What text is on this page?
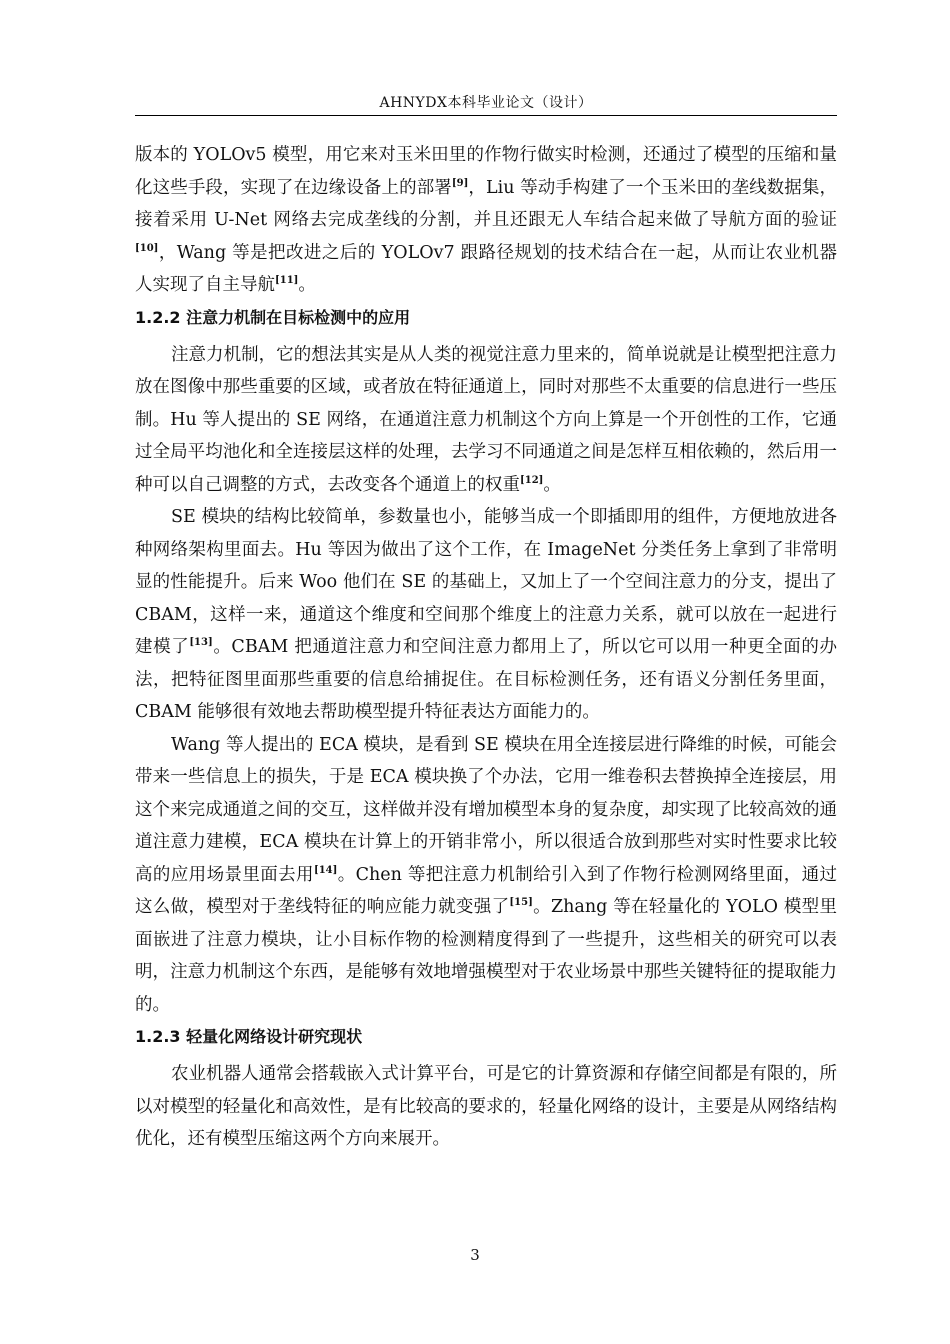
AHNYDX本科毕业论文（设计）

版本的 YOLOv5 模型，用它来对玉米田里的作物行做实时检测，还通过了模型的压缩和量化这些手段，实现了在边缘设备上的部署[9]，Liu 等动手构建了一个玉米田的垄线数据集，接着采用 U-Net 网络去完成垄线的分割，并且还跟无人车结合起来做了导航方面的验证[10]，Wang 等是把改进之后的 YOLOv7 跟路径规划的技术结合在一起，从而让农业机器人实现了自主导航[11]。

1.2.2 注意力机制在目标检测中的应用

注意力机制，它的想法其实是从人类的视觉注意力里来的，简单说就是让模型把注意力放在图像中那些重要的区域，或者放在特征通道上，同时对那些不太重要的信息进行一些压制。Hu 等人提出的 SE 网络，在通道注意力机制这个方向上算是一个开创性的工作，它通过全局平均池化和全连接层这样的处理，去学习不同通道之间是怎样互相依赖的，然后用一种可以自己调整的方式，去改变各个通道上的权重[12]。

SE 模块的结构比较简单，参数量也小，能够当成一个即插即用的组件，方便地放进各种网络架构里面去。Hu 等因为做出了这个工作，在 ImageNet 分类任务上拿到了非常明显的性能提升。后来 Woo 他们在 SE 的基础上，又加上了一个空间注意力的分支，提出了 CBAM，这样一来，通道这个维度和空间那个维度上的注意力关系，就可以放在一起进行建模了[13]。CBAM 把通道注意力和空间注意力都用上了，所以它可以用一种更全面的办法，把特征图里面那些重要的信息给捕捉住。在目标检测任务，还有语义分割任务里面，CBAM 能够很有效地去帮助模型提升特征表达方面能力的。

Wang 等人提出的 ECA 模块，是看到 SE 模块在用全连接层进行降维的时候，可能会带来一些信息上的损失，于是 ECA 模块换了个办法，它用一维卷积去替换掉全连接层，用这个来完成通道之间的交互，这样做并没有增加模型本身的复杂度，却实现了比较高效的通道注意力建模，ECA 模块在计算上的开销非常小，所以很适合放到那些对实时性要求比较高的应用场景里面去用[14]。Chen 等把注意力机制给引入到了作物行检测网络里面，通过这么做，模型对于垄线特征的响应能力就变强了[15]。Zhang 等在轻量化的 YOLO 模型里面嵌进了注意力模块，让小目标作物的检测精度得到了一些提升，这些相关的研究可以表明，注意力机制这个东西，是能够有效地增强模型对于农业场景中那些关键特征的提取能力的。

1.2.3 轻量化网络设计研究现状

农业机器人通常会搭载嵌入式计算平台，可是它的计算资源和存储空间都是有限的，所以对模型的轻量化和高效性，是有比较高的要求的，轻量化网络的设计，主要是从网络结构优化，还有模型压缩这两个方向来展开。

3
